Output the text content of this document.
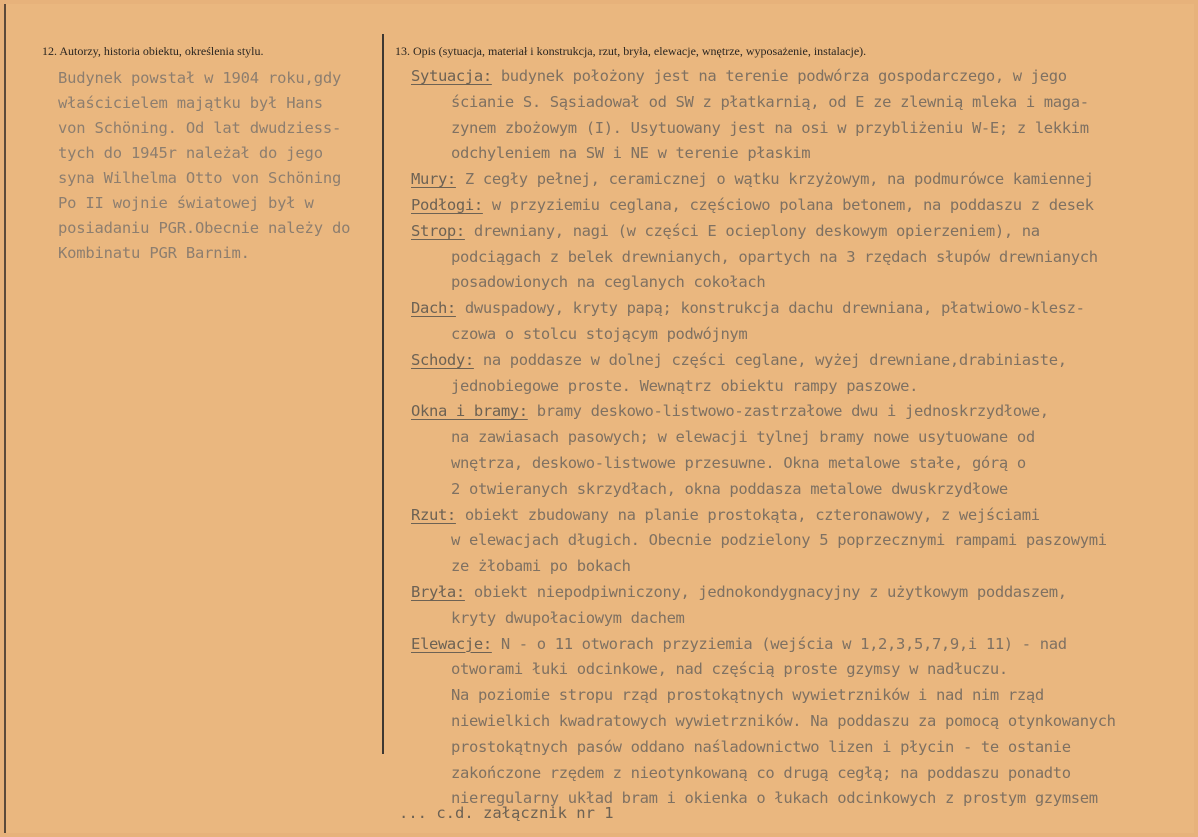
12. Autorzy, historia obiektu, określenia stylu.	13. Opis (sytuacja, materiał i konstrukcja, rzut, bryła, elewacje, wnętrze, wyposażenie, instalacje).
Budynek powstał w 1904 roku,gdy
właścicielem majątku był Hans
von Schöning. Od lat dwudziess-
tych do 1945r należał do jego
syna Wilhelma Otto von Schöning
Po II wojnie światowej był w
posiadaniu PGR.Obecnie należy do
Kombinatu PGR Barnim.
Sytuacja: budynek położony jest na terenie podwórza gospodarczego, w jego
ścianie S. Sąsiadował od SW z płatkarnią, od E ze zlewnią mleka i maga-
zynem zbożowym (I). Usytuowany jest na osi w przybliżeniu W-E; z lekkim
odchyleniem na SW i NE w terenie płaskim
Mury: Z cegły pełnej, ceramicznej o wątku krzyżowym, na podmurówce kamiennej
Podłogi: w przyziemiu ceglana, częściowo polana betonem, na poddaszu z desek
Strop: drewniany, nagi (w części E ocieplony deskowym opierzeniem), na
podciągach z belek drewnianych, opartych na 3 rzędach słupów drewnianych
posadowionych na ceglanych cokołach
Dach: dwuspadowy, kryty papą; konstrukcja dachu drewniana, płatwiowo-klesz-
czowa o stolcu stojącym podwójnym
Schody: na poddasze w dolnej części ceglane, wyżej drewniane,drabiniaste,
jednobiegowe proste. Wewnątrz obiektu rampy paszowe.
Okna i bramy: bramy deskowo-listwowo-zastrzałowe dwu i jednoskrzydłowe,
na zawiasach pasowych; w elewacji tylnej bramy nowe usytuowane od
wnętrza, deskowo-listwowe przesuwne. Okna metalowe stałe, górą o
2 otwieranych skrzydłach, okna poddasza metalowe dwuskrzydłowe
Rzut: obiekt zbudowany na planie prostokąta, czteronawowy, z wejściami
w elewacjach długich. Obecnie podzielony 5 poprzecznymi rampami paszowymi
ze żłobami po bokach
Bryła: obiekt niepodpiwniczony, jednokondygnacyjny z użytkowym poddaszem,
kryty dwupołaciowym dachem
Elewacje: N - o 11 otworach przyziemia (wejścia w 1,2,3,5,7,9,i 11) - nad
otworami łuki odcinkowe, nad częścią proste gzymsy w nadłuczu.
Na poziomie stropu rząd prostokątnych wywietrzników i nad nim rząd
niewielkich kwadratowych wywietrzników. Na poddaszu za pomocą otynkowanych
prostokątnych pasów oddano naśladownictwo lizen i płycin - te ostanie
zakończone rzędem z nieotynkowaną co drugą cegłą; na poddaszu ponadto
nieregularny układ bram i okienka o łukach odcinkowych z prostym gzymsem
... c.d. załącznik nr 1
